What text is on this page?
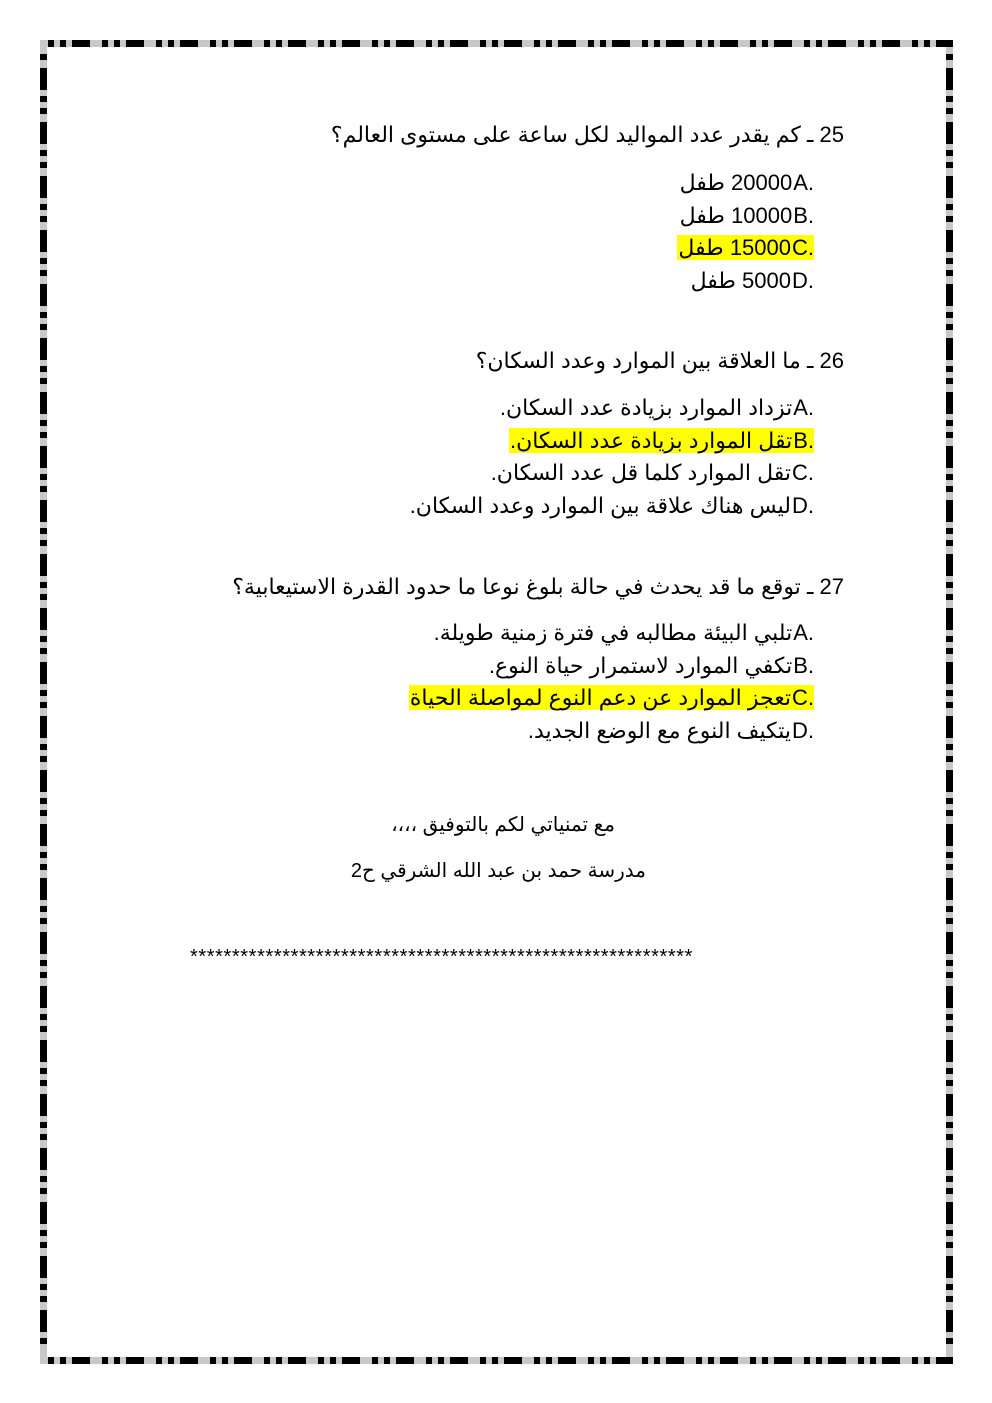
25 ـ كم يقدر عدد المواليد لكل ساعة على مستوى العالم؟
A.20000 طفل
B.10000 طفل
C.15000 طفل
D.5000 طفل
26 ـ ما العلاقة بين الموارد وعدد السكان؟
A.تزداد الموارد بزيادة عدد السكان.
B.تقل الموارد بزيادة عدد السكان.
C.تقل الموارد كلما قل عدد السكان.
D.ليس هناك علاقة بين الموارد وعدد السكان.
27 ـ توقع ما قد يحدث في حالة بلوغ نوعا ما حدود القدرة الاستيعابية؟
A.تلبي البيئة مطالبه في فترة زمنية طويلة.
B.تكفي الموارد لاستمرار حياة النوع.
C.تعجز الموارد عن دعم النوع لمواصلة الحياة
D.يتكيف النوع مع الوضع الجديد.
مع تمنياتي لكم بالتوفيق ،،،،
مدرسة حمد بن عبد الله الشرقي ح2
************************************************************
